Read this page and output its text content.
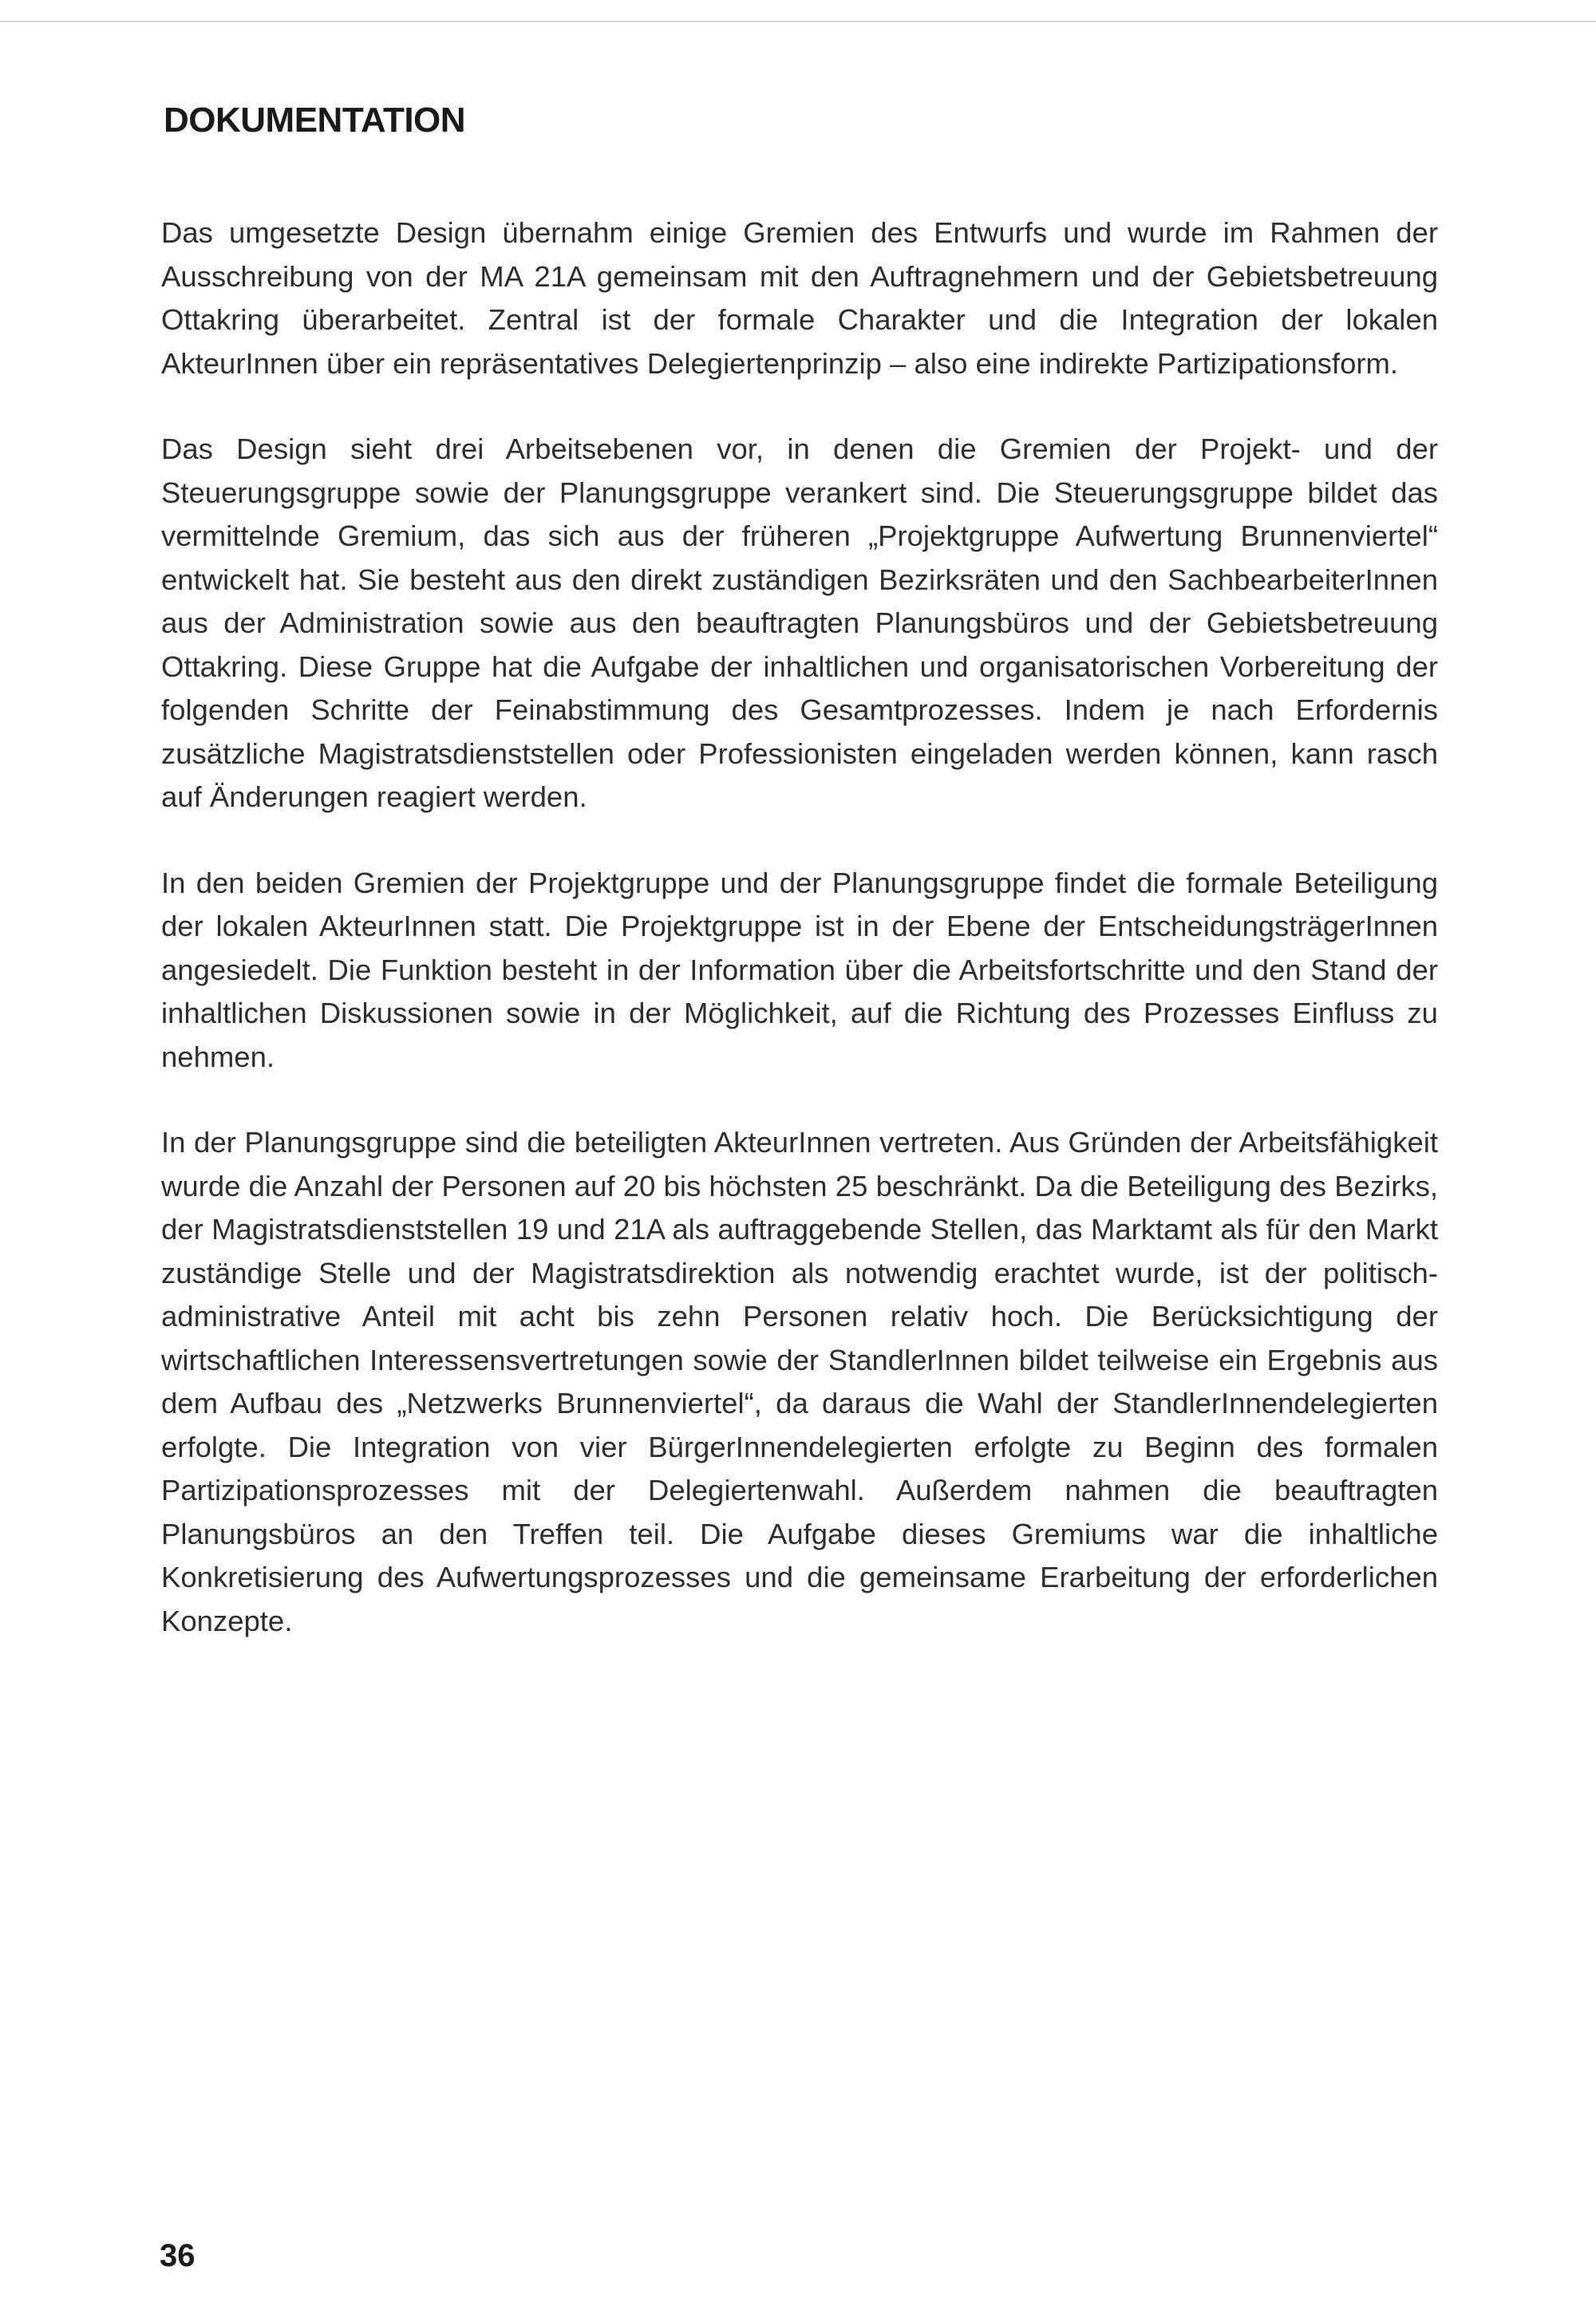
DOKUMENTATION

Das umgesetzte Design übernahm einige Gremien des Entwurfs und wurde im Rahmen der Ausschreibung von der MA 21A gemeinsam mit den Auftragnehmern und der Gebietsbetreuung Ottakring überarbeitet. Zentral ist der formale Charakter und die Integration der lokalen AkteurInnen über ein repräsentatives Delegiertenprinzip – also eine indirekte Partizipationsform.

Das Design sieht drei Arbeitsebenen vor, in denen die Gremien der Projekt- und der Steuerungsgruppe sowie der Planungsgruppe verankert sind. Die Steuerungsgruppe bildet das vermittelnde Gremium, das sich aus der früheren „Projektgruppe Aufwertung Brunnenviertel“ entwickelt hat. Sie besteht aus den direkt zuständigen Bezirksräten und den SachbearbeiterInnen aus der Administration sowie aus den beauftragten Planungsbüros und der Gebietsbetreuung Ottakring. Diese Gruppe hat die Aufgabe der inhaltlichen und organisatorischen Vorbereitung der folgenden Schritte der Feinabstimmung des Gesamtprozesses. Indem je nach Erfordernis zusätzliche Magistratsdienststellen oder Professionisten eingeladen werden können, kann rasch auf Änderungen reagiert werden.

In den beiden Gremien der Projektgruppe und der Planungsgruppe findet die formale Beteiligung der lokalen AkteurInnen statt. Die Projektgruppe ist in der Ebene der EntscheidungsträgerInnen angesiedelt. Die Funktion besteht in der Information über die Arbeitsfortschritte und den Stand der inhaltlichen Diskussionen sowie in der Möglichkeit, auf die Richtung des Prozesses Einfluss zu nehmen.

In der Planungsgruppe sind die beteiligten AkteurInnen vertreten. Aus Gründen der Arbeitsfähigkeit wurde die Anzahl der Personen auf 20 bis höchsten 25 beschränkt. Da die Beteiligung des Bezirks, der Magistratsdienststellen 19 und 21A als auftraggebende Stellen, das Marktamt als für den Markt zuständige Stelle und der Magistratsdirektion als notwendig erachtet wurde, ist der politisch-administrative Anteil mit acht bis zehn Personen relativ hoch. Die Berücksichtigung der wirtschaftlichen Interessensvertretungen sowie der StandlerInnen bildet teilweise ein Ergebnis aus dem Aufbau des „Netzwerks Brunnenviertel“, da daraus die Wahl der StandlerInnendelegierten erfolgte. Die Integration von vier BürgerInnendelegierten erfolgte zu Beginn des formalen Partizipationsprozesses mit der Delegiertenwahl. Außerdem nahmen die beauftragten Planungsbüros an den Treffen teil. Die Aufgabe dieses Gremiums war die inhaltliche Konkretisierung des Aufwertungsprozesses und die gemeinsame Erarbeitung der erforderlichen Konzepte.

36
